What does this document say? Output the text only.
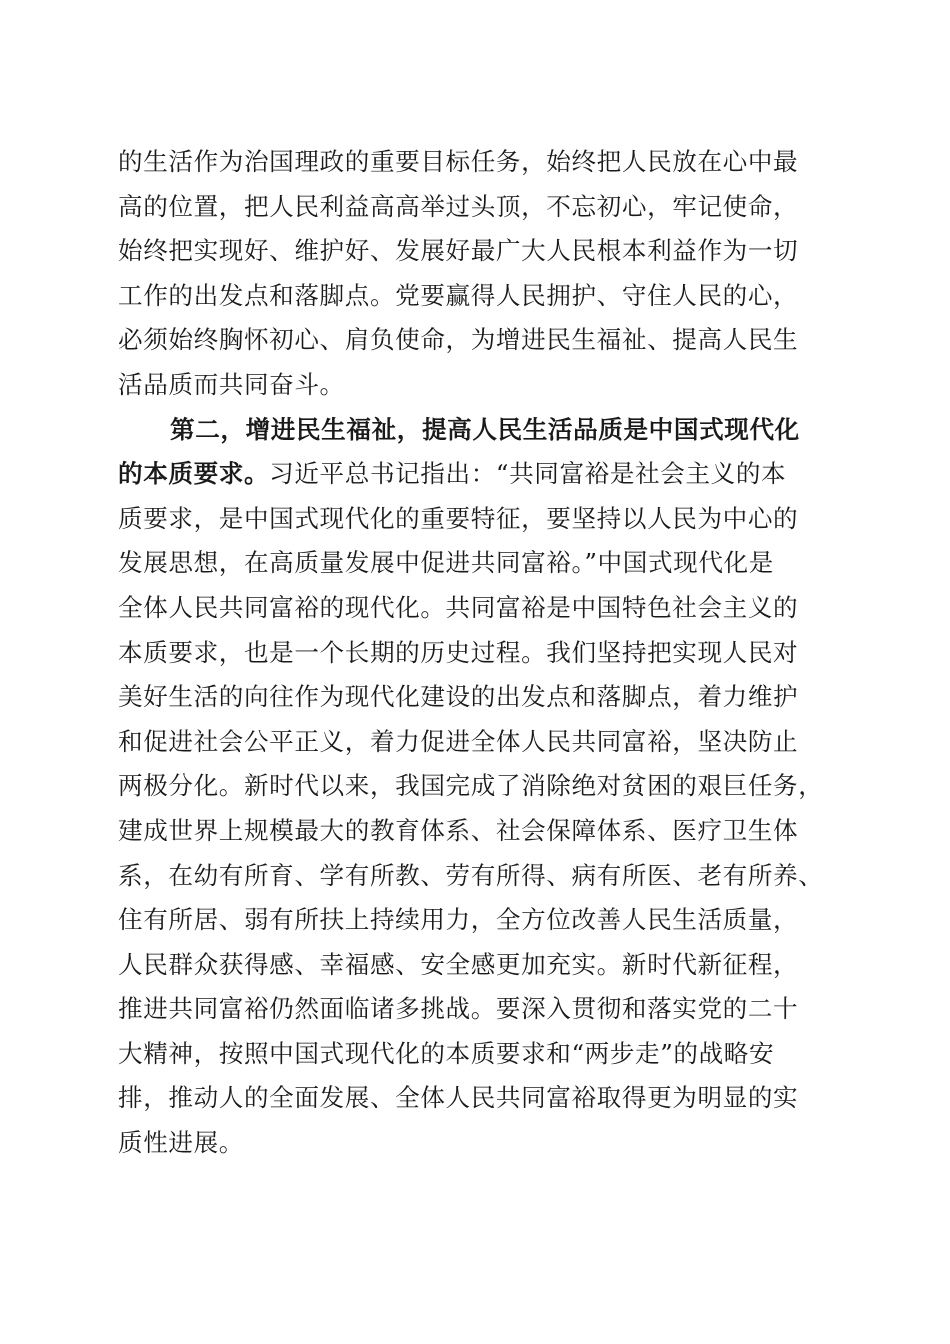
的生活作为治国理政的重要目标任务，始终把人民放在心中最
高的位置，把人民利益高高举过头顶，不忘初心，牢记使命，
始终把实现好、维护好、发展好最广大人民根本利益作为一切
工作的出发点和落脚点。党要赢得人民拥护、守住人民的心，
必须始终胸怀初心、肩负使命，为增进民生福祉、提高人民生
活品质而共同奋斗。
第二，增进民生福祉，提高人民生活品质是中国式现代化
的本质要求。习近平总书记指出：“共同富裕是社会主义的本
质要求，是中国式现代化的重要特征，要坚持以人民为中心的
发展思想，在高质量发展中促进共同富裕。”中国式现代化是
全体人民共同富裕的现代化。共同富裕是中国特色社会主义的
本质要求，也是一个长期的历史过程。我们坚持把实现人民对
美好生活的向往作为现代化建设的出发点和落脚点，着力维护
和促进社会公平正义，着力促进全体人民共同富裕，坚决防止
两极分化。新时代以来，我国完成了消除绝对贫困的艰巨任务，
建成世界上规模最大的教育体系、社会保障体系、医疗卫生体
系，在幼有所育、学有所教、劳有所得、病有所医、老有所养、
住有所居、弱有所扶上持续用力，全方位改善人民生活质量，
人民群众获得感、幸福感、安全感更加充实。新时代新征程，
推进共同富裕仍然面临诸多挑战。要深入贯彻和落实党的二十
大精神，按照中国式现代化的本质要求和“两步走”的战略安
排，推动人的全面发展、全体人民共同富裕取得更为明显的实
质性进展。
